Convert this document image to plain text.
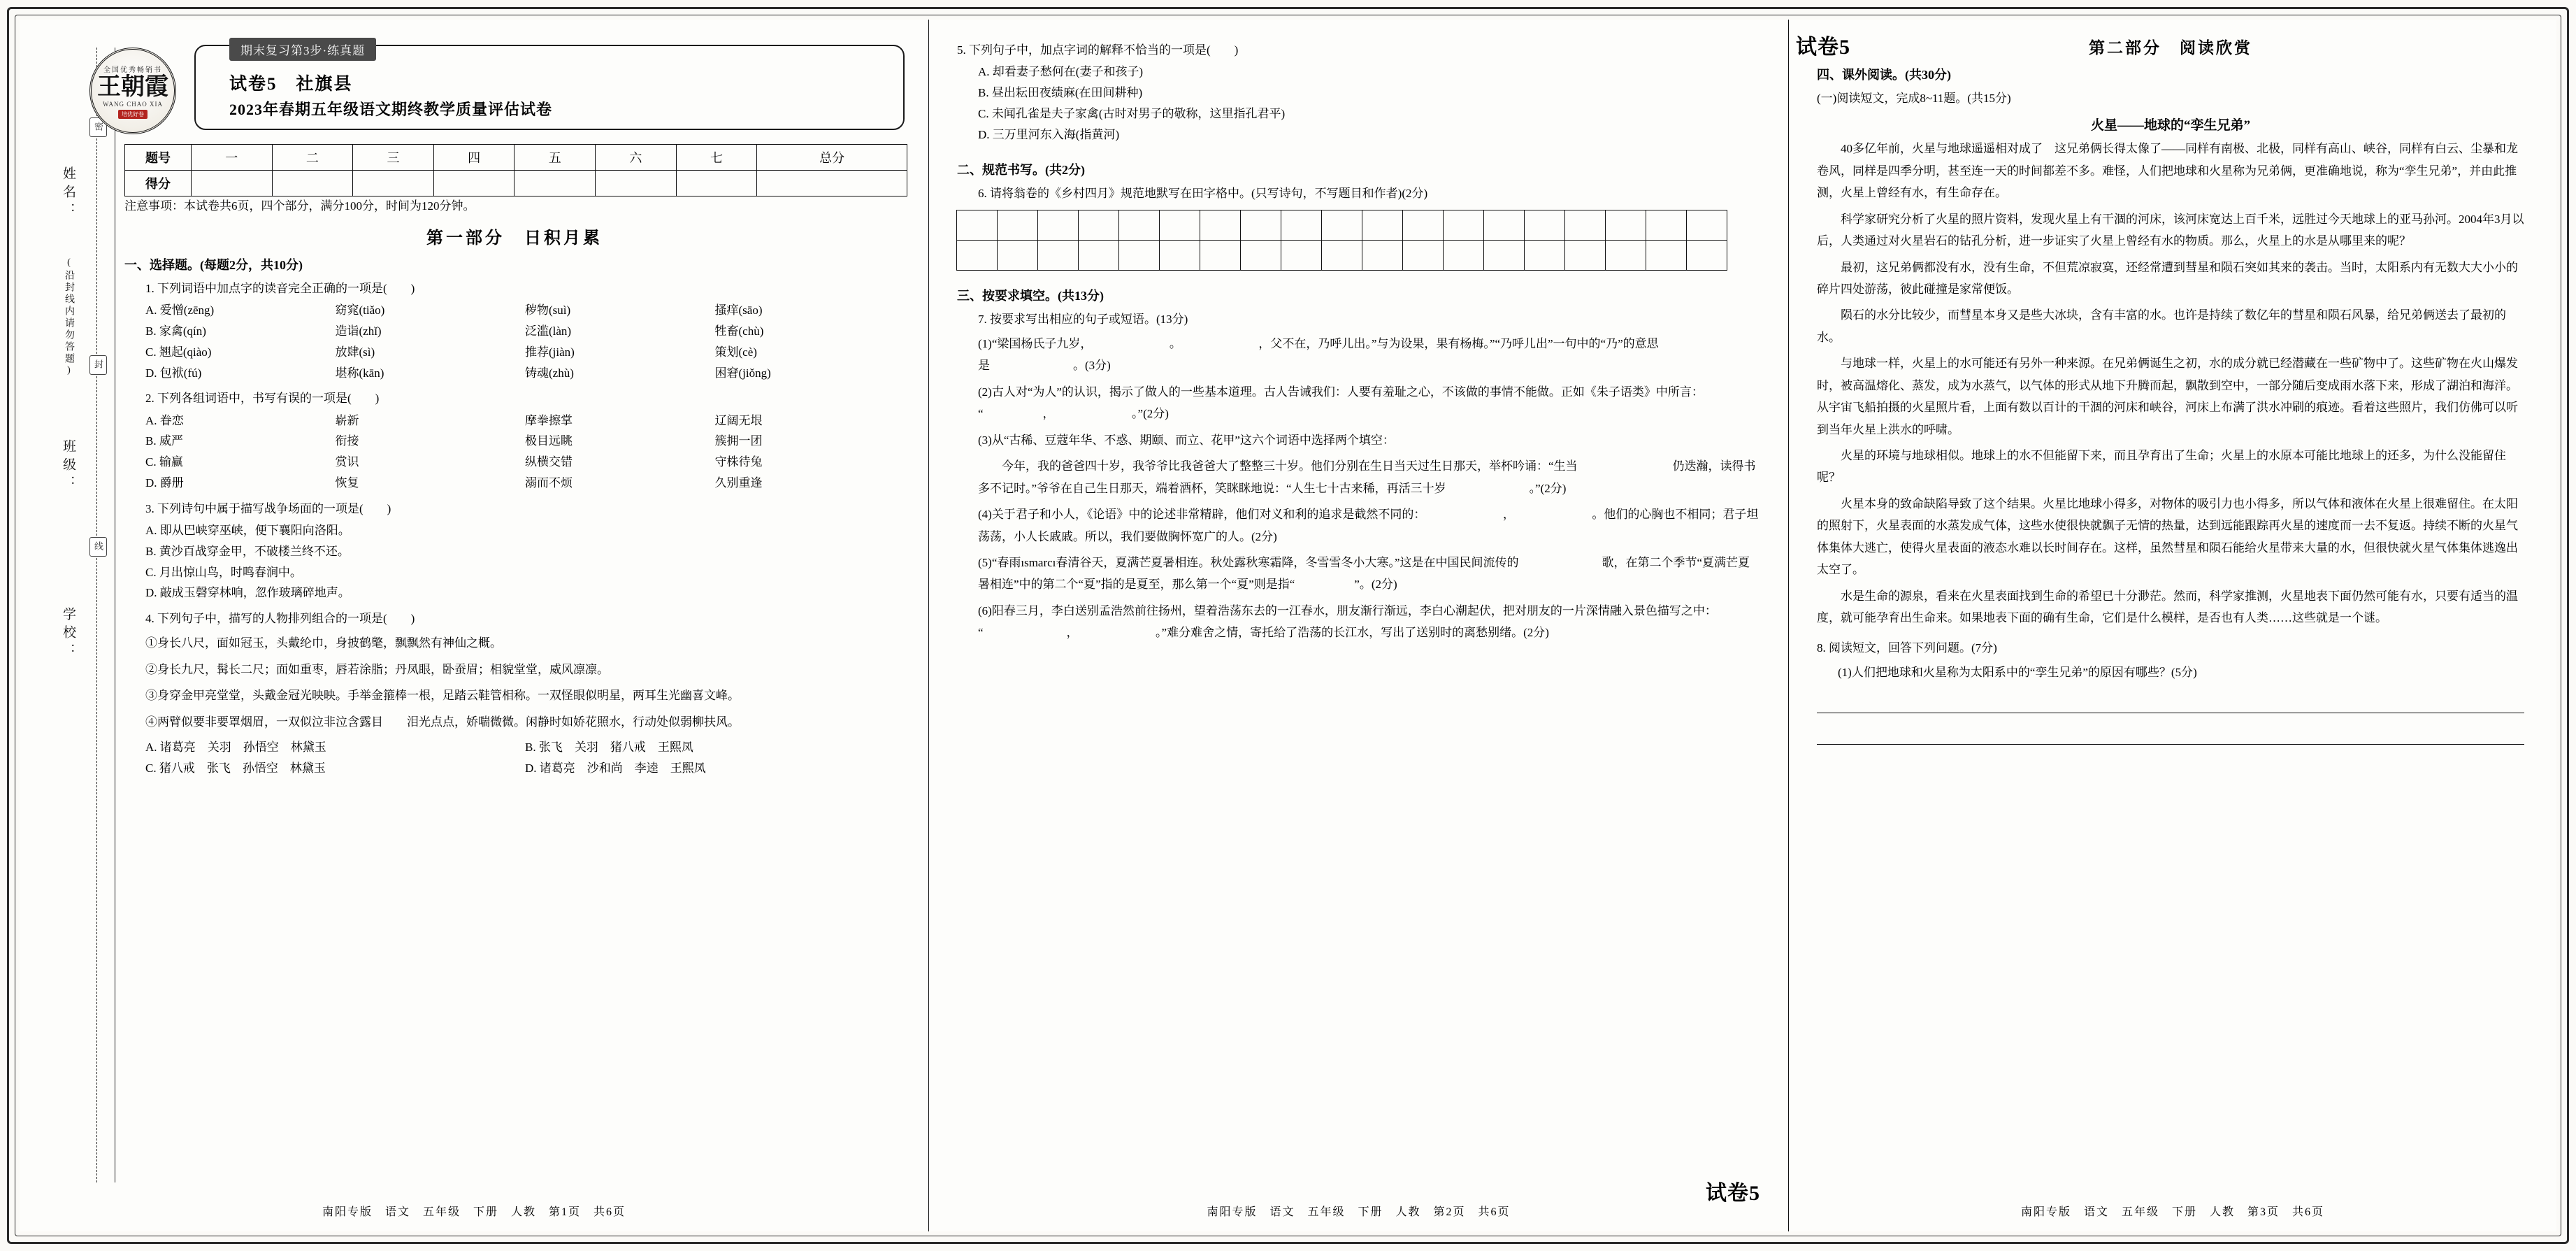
姓名：
(沿封线内请勿答题)
班级：
学校：
密
封
线
全国优秀畅销书
王朝霞
WANG CHAO XIA
培优好卷
期末复习第3步·练真题
试卷5　社旗县
2023年春期五年级语文期终教学质量评估试卷
题号	一	二	三	四	五	六	七	总分
得分								
注意事项：本试卷共6页，四个部分，满分100分，时间为120分钟。
第一部分　日积月累
一、选择题。(每题2分，共10分)
1. 下列词语中加点字的读音完全正确的一项是(　　)
A. 爱憎(zēng)	窈窕(tiǎo)	秽物(suì)	搔痒(sāo)
B. 家禽(qín)	造诣(zhǐ)	泛滥(làn)	牲畜(chù)
C. 翘起(qiào)	放肆(sì)	推荐(jiàn)	策划(cè)
D. 包袱(fú)	堪称(kān)	铸魂(zhù)	困窘(jiǒng)
2. 下列各组词语中，书写有误的一项是(　　)
A. 眷恋	崭新	摩拳擦掌	辽阔无垠
B. 威严	衔接	极目远眺	簇拥一团
C. 输赢	赏识	纵横交错	守株待兔
D. 爵册	恢复	溺而不烦	久别重逢
3. 下列诗句中属于描写战争场面的一项是(　　)
A. 即从巴峡穿巫峡，便下襄阳向洛阳。
B. 黄沙百战穿金甲，不破楼兰终不还。
C. 月出惊山鸟，时鸣春涧中。
D. 敲成玉磬穿林响，忽作玻璃碎地声。
4. 下列句子中，描写的人物排列组合的一项是(　　)
①身长八尺，面如冠玉，头戴纶巾，身披鹤氅，飘飘然有神仙之概。
②身长九尺，髯长二尺；面如重枣，唇若涂脂；丹凤眼，卧蚕眉；相貌堂堂，威风凛凛。
③身穿金甲亮堂堂，头戴金冠光映映。手举金箍棒一根，足踏云鞋管相称。一双怪眼似明星，两耳生光幽喜文峰。
④两臂似要非要罩烟眉，一双似泣非泣含露目　　泪光点点，娇喘微微。闲静时如娇花照水，行动处似弱柳扶风。
A. 诸葛亮　关羽　孙悟空　林黛玉	B. 张飞　关羽　猪八戒　王熙凤
C. 猪八戒　张飞　孙悟空　林黛玉	D. 诸葛亮　沙和尚　李逵　王熙凤
南阳专版　语文　五年级　下册　人教　第1页　共6页
5. 下列句子中，加点字词的解释不恰当的一项是(　　)
A. 却看妻子愁何在(妻子和孩子)
B. 昼出耘田夜绩麻(在田间耕种)
C. 未闻孔雀是夫子家禽(古时对男子的敬称，这里指孔君平)
D. 三万里河东入海(指黄河)
二、规范书写。(共2分)
6. 请将翁卷的《乡村四月》规范地默写在田字格中。(只写诗句，不写题目和作者)(2分)
三、按要求填空。(共13分)
7. 按要求写出相应的句子或短语。(13分)
(1)“梁国杨氏子九岁，　　　　　　　。　　　　　　　，父不在，乃呼儿出。”与为设果，果有杨梅。”“乃呼儿出”一句中的“乃”的意思是　　　　　　　。(3分)
(2)古人对“为人”的认识，揭示了做人的一些基本道理。古人告诫我们：人要有羞耻之心，不该做的事情不能做。正如《朱子语类》中所言：“　　　　　，　　　　　　　。”(2分)
(3)从“古稀、豆蔻年华、不惑、期颐、而立、花甲”这六个词语中选择两个填空：
今年，我的爸爸四十岁，我爷爷比我爸爸大了整整三十岁。他们分别在生日当天过生日那天，举杯吟诵：“生当　　　　　　　　仍迭瀚，读得书多不记时。”爷爷在自己生日那天，端着酒杯，笑眯眯地说：“人生七十古来稀，再活三十岁　　　　　　　。”(2分)
(4)关于君子和小人，《论语》中的论述非常精辟，他们对义和利的追求是截然不同的：　　　　　　　，　　　　　　　。他们的心胸也不相同；君子坦荡荡，小人长戚戚。所以，我们要做胸怀宽广的人。(2分)
(5)“春雨ısmarcı春清谷天，夏满芒夏暑相连。秋处露秋寒霜降，冬雪雪冬小大寒。”这是在中国民间流传的　　　　　　　歌，在第二个季节“夏满芒夏暑相连”中的第二个“夏”指的是夏至，那么第一个“夏”则是指“　　　　　”。(2分)
(6)阳春三月，李白送别孟浩然前往扬州，望着浩荡东去的一江春水，朋友渐行渐远，李白心潮起伏，把对朋友的一片深情融入景色描写之中：“　　　　　　　，　　　　　　　。”难分难舍之情，寄托给了浩荡的长江水，写出了送别时的离愁别绪。(2分)
南阳专版　语文　五年级　下册　人教　第2页　共6页
试卷5
第二部分　阅读欣赏
四、课外阅读。(共30分)
(一)阅读短文，完成8~11题。(共15分)
火星——地球的“孪生兄弟”
40多亿年前，火星与地球遥遥相对成了　这兄弟俩长得太像了——同样有南极、北极，同样有高山、峡谷，同样有白云、尘暴和龙卷风，同样是四季分明，甚至连一天的时间都差不多。难怪，人们把地球和火星称为兄弟俩，更准确地说，称为“孪生兄弟”，并由此推测，火星上曾经有水，有生命存在。
科学家研究分析了火星的照片资料，发现火星上有干涸的河床，该河床宽达上百千米，远胜过今天地球上的亚马孙河。2004年3月以后，人类通过对火星岩石的钻孔分析，进一步证实了火星上曾经有水的物质。那么，火星上的水是从哪里来的呢？
最初，这兄弟俩都没有水，没有生命，不但荒凉寂寞，还经常遭到彗星和陨石突如其来的袭击。当时，太阳系内有无数大大小小的碎片四处游荡，彼此碰撞是家常便饭。
陨石的水分比较少，而彗星本身又是些大冰块，含有丰富的水。也许是持续了数亿年的彗星和陨石风暴，给兄弟俩送去了最初的水。
与地球一样，火星上的水可能还有另外一种来源。在兄弟俩诞生之初，水的成分就已经潜藏在一些矿物中了。这些矿物在火山爆发时，被高温熔化、蒸发，成为水蒸气，以气体的形式从地下升腾而起，飘散到空中，一部分随后变成雨水落下来，形成了湖泊和海洋。从宇宙飞船拍摄的火星照片看，上面有数以百计的干涸的河床和峡谷，河床上布满了洪水冲刷的痕迹。看着这些照片，我们仿佛可以听到当年火星上洪水的呼啸。
火星的环境与地球相似。地球上的水不但能留下来，而且孕育出了生命；火星上的水原本可能比地球上的还多，为什么没能留住呢？
火星本身的致命缺陷导致了这个结果。火星比地球小得多，对物体的吸引力也小得多，所以气体和液体在火星上很难留住。在太阳的照射下，火星表面的水蒸发成气体，这些水使很快就飘子无情的热量，达到远能跟踪再火星的速度而一去不复返。持续不断的火星气体集体大逃亡，使得火星表面的液态水难以长时间存在。这样，虽然彗星和陨石能给火星带来大量的水，但很快就火星气体集体逃逸出太空了。
水是生命的源泉，看来在火星表面找到生命的希望已十分渺茫。然而，科学家推测，火星地表下面仍然可能有水，只要有适当的温度，就可能孕育出生命来。如果地表下面的确有生命，它们是什么模样，是否也有人类……这些就是一个谜。
8. 阅读短文，回答下列问题。(7分)
(1)人们把地球和火星称为太阳系中的“孪生兄弟”的原因有哪些？(5分)
南阳专版　语文　五年级　下册　人教　第3页　共6页
试卷5
